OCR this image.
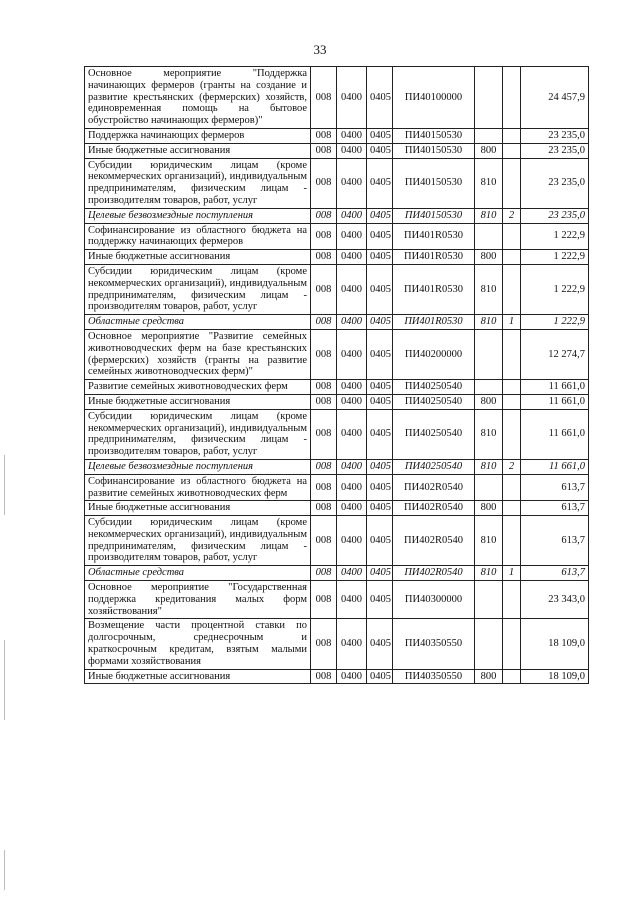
33
Основное мероприятие "Поддержка начинающих фермеров (гранты на создание и развитие крестьянских (фермерских) хозяйств, единовременная помощь на бытовое обустройство начинающих фермеров)"	008	0400	0405	ПИ40100000			24 457,9
Поддержка начинающих фермеров	008	0400	0405	ПИ40150530			23 235,0
Иные бюджетные ассигнования	008	0400	0405	ПИ40150530	800		23 235,0
Субсидии юридическим лицам (кроме некоммерческих организаций), индивидуальным предпринимателям, физическим лицам - производителям товаров, работ, услуг	008	0400	0405	ПИ40150530	810		23 235,0
Целевые безвозмездные поступления	008	0400	0405	ПИ40150530	810	2	23 235,0
Софинансирование из областного бюджета на поддержку начинающих фермеров	008	0400	0405	ПИ401R0530			1 222,9
Иные бюджетные ассигнования	008	0400	0405	ПИ401R0530	800		1 222,9
Субсидии юридическим лицам (кроме некоммерческих организаций), индивидуальным предпринимателям, физическим лицам - производителям товаров, работ, услуг	008	0400	0405	ПИ401R0530	810		1 222,9
Областные средства	008	0400	0405	ПИ401R0530	810	1	1 222,9
Основное мероприятие "Развитие семейных животноводческих ферм на базе крестьянских (фермерских) хозяйств (гранты на развитие семейных животноводческих ферм)"	008	0400	0405	ПИ40200000			12 274,7
Развитие семейных животноводческих ферм	008	0400	0405	ПИ40250540			11 661,0
Иные бюджетные ассигнования	008	0400	0405	ПИ40250540	800		11 661,0
Субсидии юридическим лицам (кроме некоммерческих организаций), индивидуальным предпринимателям, физическим лицам - производителям товаров, работ, услуг	008	0400	0405	ПИ40250540	810		11 661,0
Целевые безвозмездные поступления	008	0400	0405	ПИ40250540	810	2	11 661,0
Софинансирование из областного бюджета на развитие семейных животноводческих ферм	008	0400	0405	ПИ402R0540			613,7
Иные бюджетные ассигнования	008	0400	0405	ПИ402R0540	800		613,7
Субсидии юридическим лицам (кроме некоммерческих организаций), индивидуальным предпринимателям, физическим лицам - производителям товаров, работ, услуг	008	0400	0405	ПИ402R0540	810		613,7
Областные средства	008	0400	0405	ПИ402R0540	810	1	613,7
Основное мероприятие "Государственная поддержка кредитования малых форм хозяйствования"	008	0400	0405	ПИ40300000			23 343,0
Возмещение части процентной ставки по долгосрочным, среднесрочным и краткосрочным кредитам, взятым малыми формами хозяйствования	008	0400	0405	ПИ40350550			18 109,0
Иные бюджетные ассигнования	008	0400	0405	ПИ40350550	800		18 109,0
